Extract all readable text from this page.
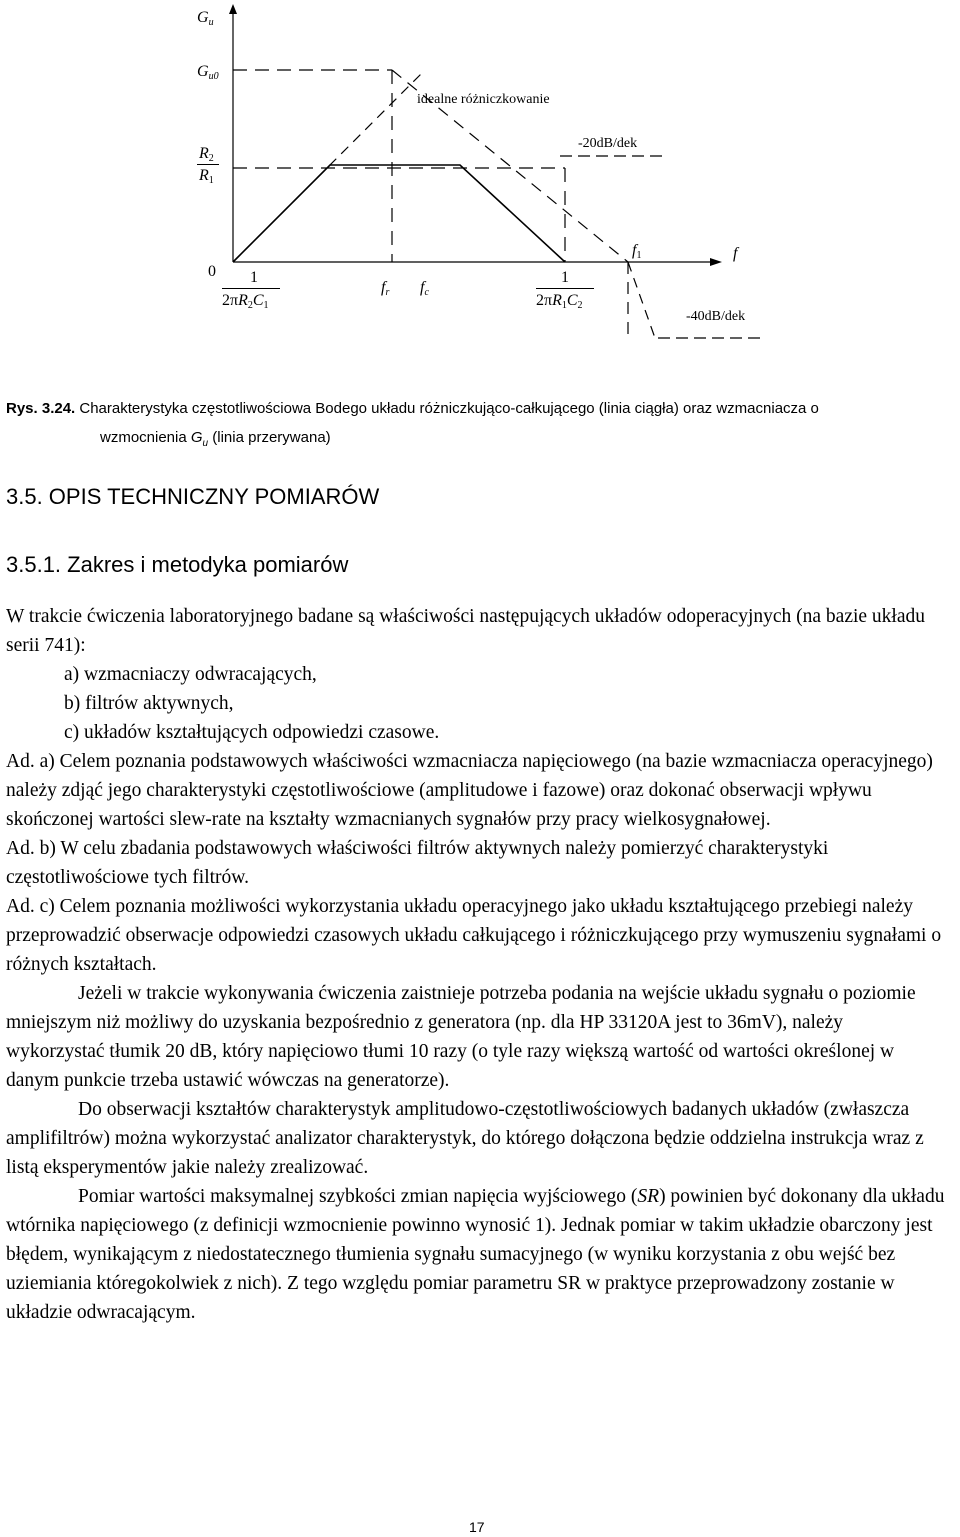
Gu
Gu0
idealne różniczkowanie
-20dB/dek
R2
R1
0 1
$2\pi R_2C_1$
fr fc
1
$2\pi R_1C_2$
f1	f
-40dB/dek
Rys. 3.24. Charakterystyka częstotliwościowa Bodego układu różniczkująco-całkującego (linia ciągła) oraz wzmacniacza o
wzmocnienia $G_u$ (linia przerywana)
3.5. OPIS TECHNICZNY POMIARÓW
3.5.1. Zakres i metodyka pomiarów

W trakcie ćwiczenia laboratoryjnego badane są właściwości następujących układów odoperacyjnych (na bazie układu serii 741):

a) wzmacniaczy odwracających,

b) filtrów aktywnych,

c) układów kształtujących odpowiedzi czasowe.

Ad. a) Celem poznania podstawowych właściwości wzmacniacza napięciowego (na bazie wzmacniacza operacyjnego) należy zdjąć jego charakterystyki częstotliwościowe (amplitudowe i fazowe) oraz dokonać obserwacji wpływu skończonej wartości slew-rate na kształty wzmacnianych sygnałów przy pracy wielkosygnałowej.

Ad. b) W celu zbadania podstawowych właściwości filtrów aktywnych należy pomierzyć charakterystyki częstotliwościowe tych filtrów.

Ad. c) Celem poznania możliwości wykorzystania układu operacyjnego jako układu kształtującego przebiegi należy przeprowadzić obserwacje odpowiedzi czasowych układu całkującego i różniczkującego przy wymuszeniu sygnałami o różnych kształtach.

Jeżeli w trakcie wykonywania ćwiczenia zaistnieje potrzeba podania na wejście układu sygnału o poziomie mniejszym niż możliwy do uzyskania bezpośrednio z generatora (np. dla HP 33120A jest to 36mV), należy wykorzystać tłumik 20 dB, który napięciowo tłumi 10 razy (o tyle razy większą wartość od wartości określonej w danym punkcie trzeba ustawić wówczas na generatorze).

Do obserwacji kształtów charakterystyk amplitudowo-częstotliwościowych badanych układów (zwłaszcza amplifiltrów) można wykorzystać analizator charakterystyk, do którego dołączona będzie oddzielna instrukcja wraz z listą eksperymentów jakie należy zrealizować.

Pomiar wartości maksymalnej szybkości zmian napięcia wyjściowego (SR) powinien być dokonany dla układu wtórnika napięciowego (z definicji wzmocnienie powinno wynosić 1). Jednak pomiar w takim układzie obarczony jest błędem, wynikającym z niedostatecznego tłumienia sygnału sumacyjnego (w wyniku korzystania z obu wejść bez uziemiania któregokolwiek z nich). Z tego względu pomiar parametru SR w praktyce przeprowadzony zostanie w układzie odwracającym.

17
